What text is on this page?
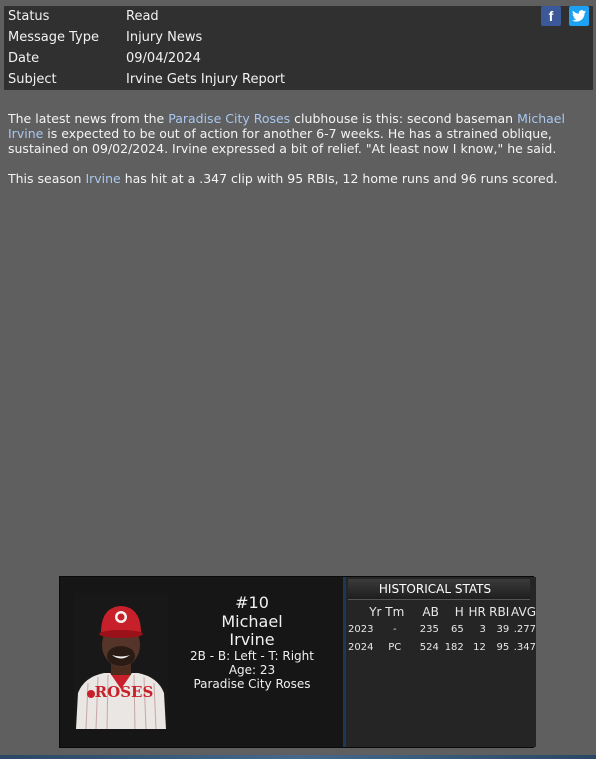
Status	Read
Message Type	Injury News
Date	09/04/2024
Subject	Irvine Gets Injury Report
f

The latest news from the Paradise City Roses clubhouse is this: second baseman Michael Irvine is expected to be out of action for another 6-7 weeks. He has a strained oblique, sustained on 09/02/2024. Irvine expressed a bit of relief. "At least now I know," he said.

This season Irvine has hit at a .347 clip with 95 RBIs, 12 home runs and 96 runs scored.

ROSES
#10
Michael
Irvine
2B - B: Left - T: Right
Age: 23
Paradise City Roses
HISTORICAL STATS
Yr	Tm	AB	H	HR	RBI	AVG
2023	-	235	65	3	39	.277
2024	PC	524	182	12	95	.347
